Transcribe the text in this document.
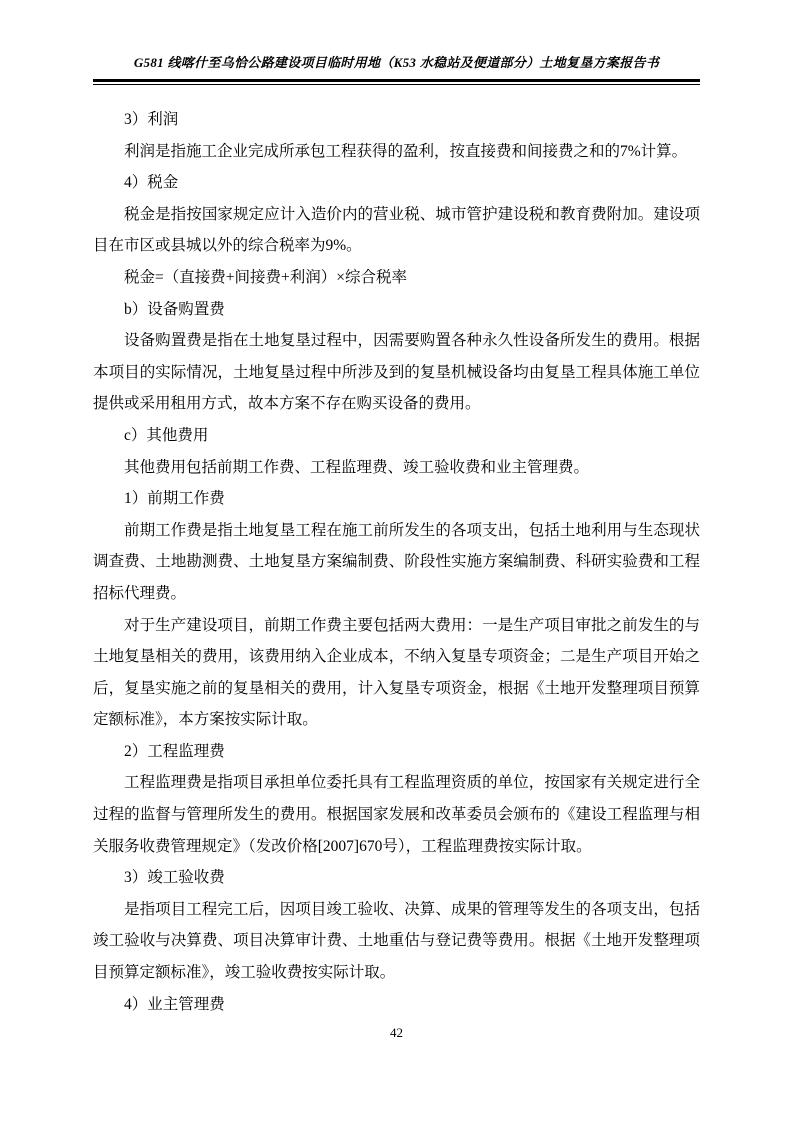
G581 线喀什至乌恰公路建设项目临时用地（K53 水稳站及便道部分）土地复垦方案报告书

3）利润

利润是指施工企业完成所承包工程获得的盈利，按直接费和间接费之和的7%计算。

4）税金

税金是指按国家规定应计入造价内的营业税、城市管护建设税和教育费附加。建设项目在市区或县城以外的综合税率为9%。

税金=（直接费+间接费+利润）×综合税率

b）设备购置费

设备购置费是指在土地复垦过程中，因需要购置各种永久性设备所发生的费用。根据本项目的实际情况，土地复垦过程中所涉及到的复垦机械设备均由复垦工程具体施工单位提供或采用租用方式，故本方案不存在购买设备的费用。

c）其他费用

其他费用包括前期工作费、工程监理费、竣工验收费和业主管理费。

1）前期工作费

前期工作费是指土地复垦工程在施工前所发生的各项支出，包括土地利用与生态现状调查费、土地勘测费、土地复垦方案编制费、阶段性实施方案编制费、科研实验费和工程招标代理费。

对于生产建设项目，前期工作费主要包括两大费用：一是生产项目审批之前发生的与土地复垦相关的费用，该费用纳入企业成本，不纳入复垦专项资金；二是生产项目开始之后，复垦实施之前的复垦相关的费用，计入复垦专项资金，根据《土地开发整理项目预算定额标准》，本方案按实际计取。

2）工程监理费

工程监理费是指项目承担单位委托具有工程监理资质的单位，按国家有关规定进行全过程的监督与管理所发生的费用。根据国家发展和改革委员会颁布的《建设工程监理与相关服务收费管理规定》（发改价格[2007]670号），工程监理费按实际计取。

3）竣工验收费

是指项目工程完工后，因项目竣工验收、决算、成果的管理等发生的各项支出，包括竣工验收与决算费、项目决算审计费、土地重估与登记费等费用。根据《土地开发整理项目预算定额标准》，竣工验收费按实际计取。

4）业主管理费

42
